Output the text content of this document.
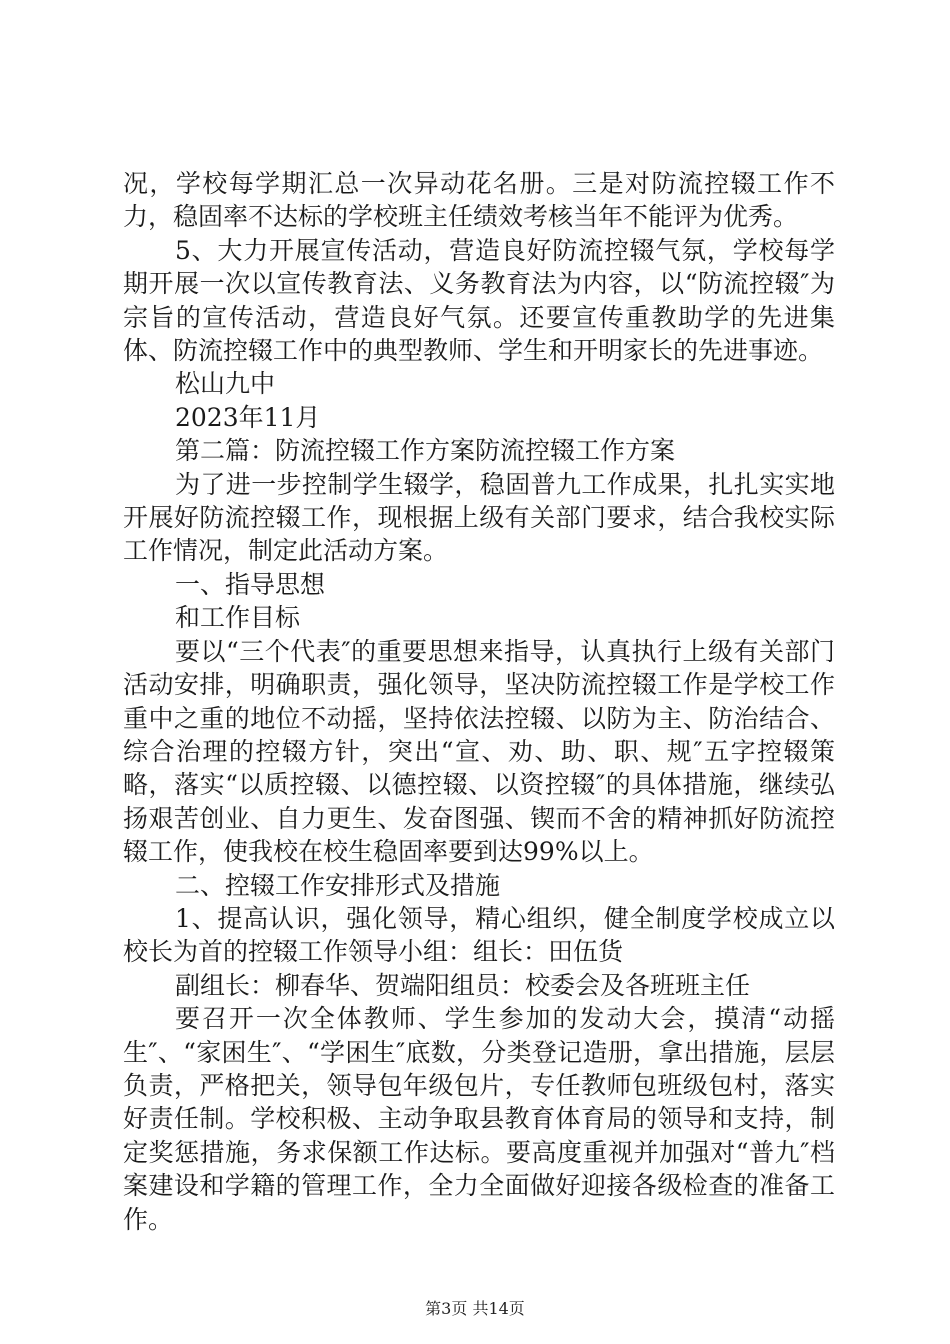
况，学校每学期汇总一次异动花名册。三是对防流控辍工作不力，稳固率不达标的学校班主任绩效考核当年不能评为优秀。

5、大力开展宣传活动，营造良好防流控辍气氛，学校每学期开展一次以宣传教育法、义务教育法为内容，以“防流控辍″为宗旨的宣传活动，营造良好气氛。还要宣传重教助学的先进集体、防流控辍工作中的典型教师、学生和开明家长的先进事迹。

松山九中

2023年11月

第二篇：防流控辍工作方案防流控辍工作方案

为了进一步控制学生辍学，稳固普九工作成果，扎扎实实地开展好防流控辍工作，现根据上级有关部门要求，结合我校实际工作情况，制定此活动方案。

一、指导思想

和工作目标

要以“三个代表″的重要思想来指导，认真执行上级有关部门活动安排，明确职责，强化领导，坚决防流控辍工作是学校工作重中之重的地位不动摇，坚持依法控辍、以防为主、防治结合、综合治理的控辍方针，突出“宣、劝、助、职、规″五字控辍策略，落实“以质控辍、以德控辍、以资控辍″的具体措施，继续弘扬艰苦创业、自力更生、发奋图强、锲而不舍的精神抓好防流控辍工作，使我校在校生稳固率要到达99%以上。

二、控辍工作安排形式及措施

1、提高认识，强化领导，精心组织，健全制度学校成立以校长为首的控辍工作领导小组：组长：田伍货

副组长：柳春华、贺端阳组员：校委会及各班班主任

要召开一次全体教师、学生参加的发动大会，摸清“动摇生″、“家困生″、“学困生″底数，分类登记造册，拿出措施，层层负责，严格把关，领导包年级包片，专任教师包班级包村，落实好责任制。学校积极、主动争取县教育体育局的领导和支持，制定奖惩措施，务求保额工作达标。要高度重视并加强对“普九″档案建设和学籍的管理工作，全力全面做好迎接各级检查的准备工作。

第3页 共14页
